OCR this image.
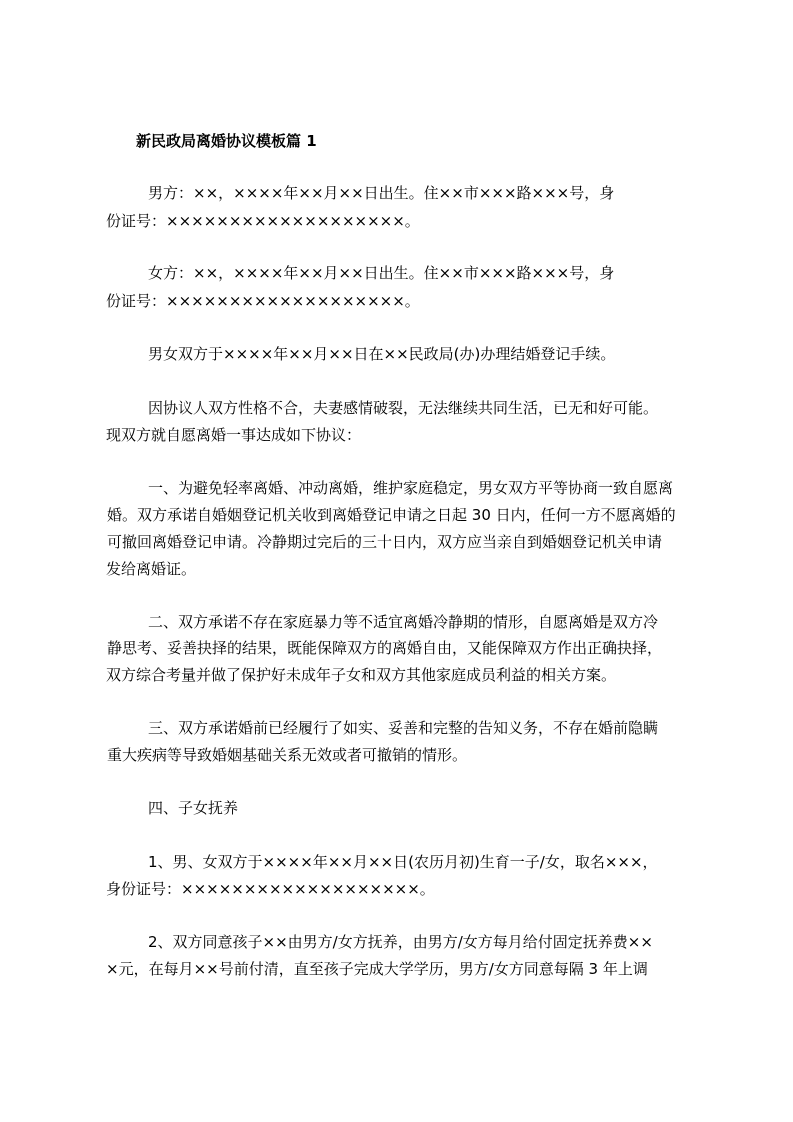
新民政局离婚协议模板篇 1
男方：××，××××年××月××日出生。住××市×××路×××号，身
份证号：×××××××××××××××××××。
女方：××，××××年××月××日出生。住××市×××路×××号，身
份证号：×××××××××××××××××××。
男女双方于××××年××月××日在××民政局(办)办理结婚登记手续。
因协议人双方性格不合，夫妻感情破裂，无法继续共同生活，已无和好可能。
现双方就自愿离婚一事达成如下协议：
一、为避免轻率离婚、冲动离婚，维护家庭稳定，男女双方平等协商一致自愿离
婚。双方承诺自婚姻登记机关收到离婚登记申请之日起 30 日内，任何一方不愿离婚的
可撤回离婚登记申请。冷静期过完后的三十日内，双方应当亲自到婚姻登记机关申请
发给离婚证。
二、双方承诺不存在家庭暴力等不适宜离婚冷静期的情形，自愿离婚是双方冷
静思考、妥善抉择的结果，既能保障双方的离婚自由，又能保障双方作出正确抉择，
双方综合考量并做了保护好未成年子女和双方其他家庭成员利益的相关方案。
三、双方承诺婚前已经履行了如实、妥善和完整的告知义务，不存在婚前隐瞒
重大疾病等导致婚姻基础关系无效或者可撤销的情形。
四、子女抚养
1、男、女双方于××××年××月××日(农历月初)生育一子/女，取名×××，
身份证号：×××××××××××××××××××。
2、双方同意孩子××由男方/女方抚养，由男方/女方每月给付固定抚养费××
×元，在每月××号前付清，直至孩子完成大学学历，男方/女方同意每隔 3 年上调
